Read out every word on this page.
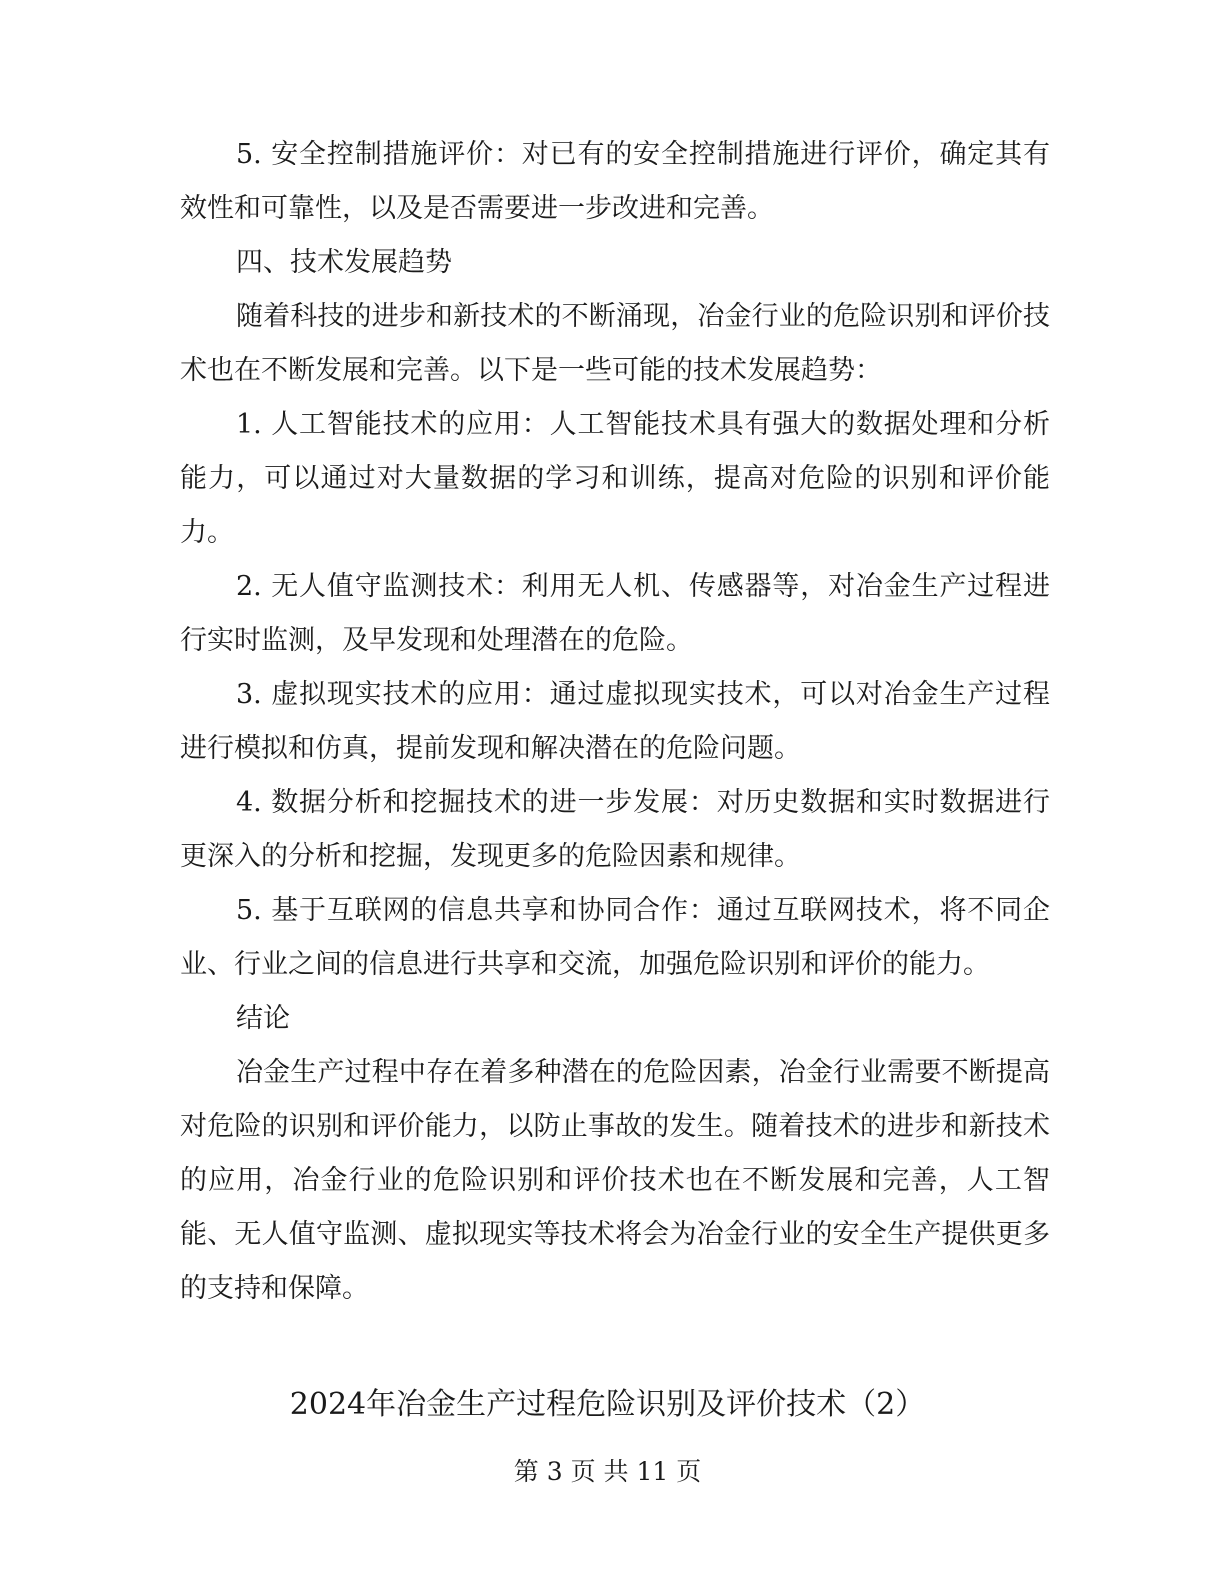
5. 安全控制措施评价：对已有的安全控制措施进行评价，确定其有效性和可靠性，以及是否需要进一步改进和完善。

四、技术发展趋势

随着科技的进步和新技术的不断涌现，冶金行业的危险识别和评价技术也在不断发展和完善。以下是一些可能的技术发展趋势：

1. 人工智能技术的应用：人工智能技术具有强大的数据处理和分析能力，可以通过对大量数据的学习和训练，提高对危险的识别和评价能力。

2. 无人值守监测技术：利用无人机、传感器等，对冶金生产过程进行实时监测，及早发现和处理潜在的危险。

3. 虚拟现实技术的应用：通过虚拟现实技术，可以对冶金生产过程进行模拟和仿真，提前发现和解决潜在的危险问题。

4. 数据分析和挖掘技术的进一步发展：对历史数据和实时数据进行更深入的分析和挖掘，发现更多的危险因素和规律。

5. 基于互联网的信息共享和协同合作：通过互联网技术，将不同企业、行业之间的信息进行共享和交流，加强危险识别和评价的能力。

结论

冶金生产过程中存在着多种潜在的危险因素，冶金行业需要不断提高对危险的识别和评价能力，以防止事故的发生。随着技术的进步和新技术的应用，冶金行业的危险识别和评价技术也在不断发展和完善，人工智能、无人值守监测、虚拟现实等技术将会为冶金行业的安全生产提供更多的支持和保障。

2024年冶金生产过程危险识别及评价技术（2）
第 3 页 共 11 页
